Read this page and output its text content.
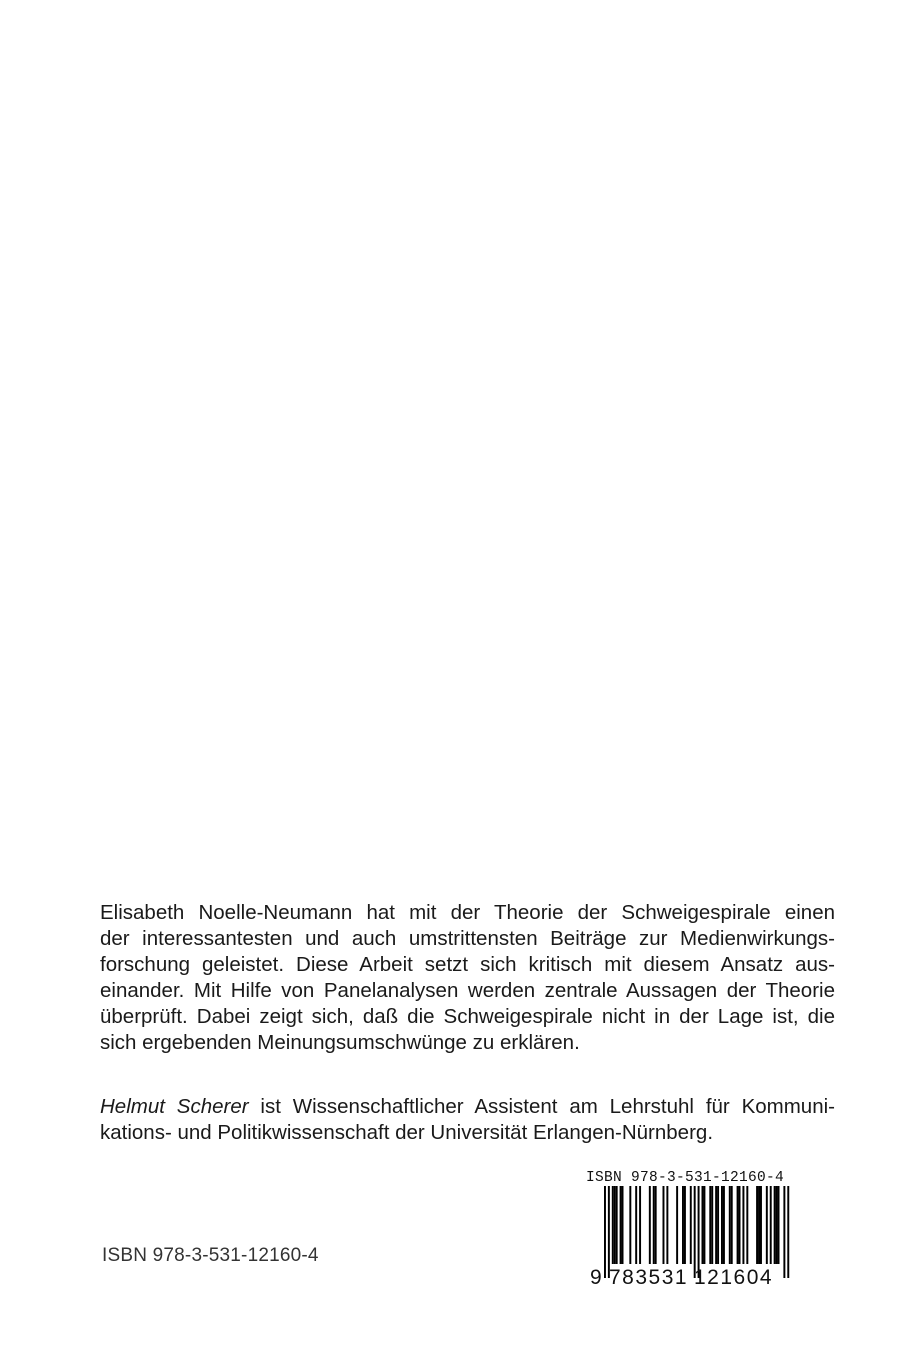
Elisabeth Noelle-Neumann hat mit der Theorie der Schweigespirale einen
der interessantesten und auch umstrittensten Beiträge zur Medienwirkungs-
forschung geleistet. Diese Arbeit setzt sich kritisch mit diesem Ansatz aus-
einander. Mit Hilfe von Panelanalysen werden zentrale Aussagen der Theorie
überprüft. Dabei zeigt sich, daß die Schweigespirale nicht in der Lage ist, die
sich ergebenden Meinungsumschwünge zu erklären.
Helmut Scherer ist Wissenschaftlicher Assistent am Lehrstuhl für Kommuni-
kations- und Politikwissenschaft der Universität Erlangen-Nürnberg.
ISBN 978-3-531-12160-4
ISBN 978-3-531-12160-4
9 783531 121604
